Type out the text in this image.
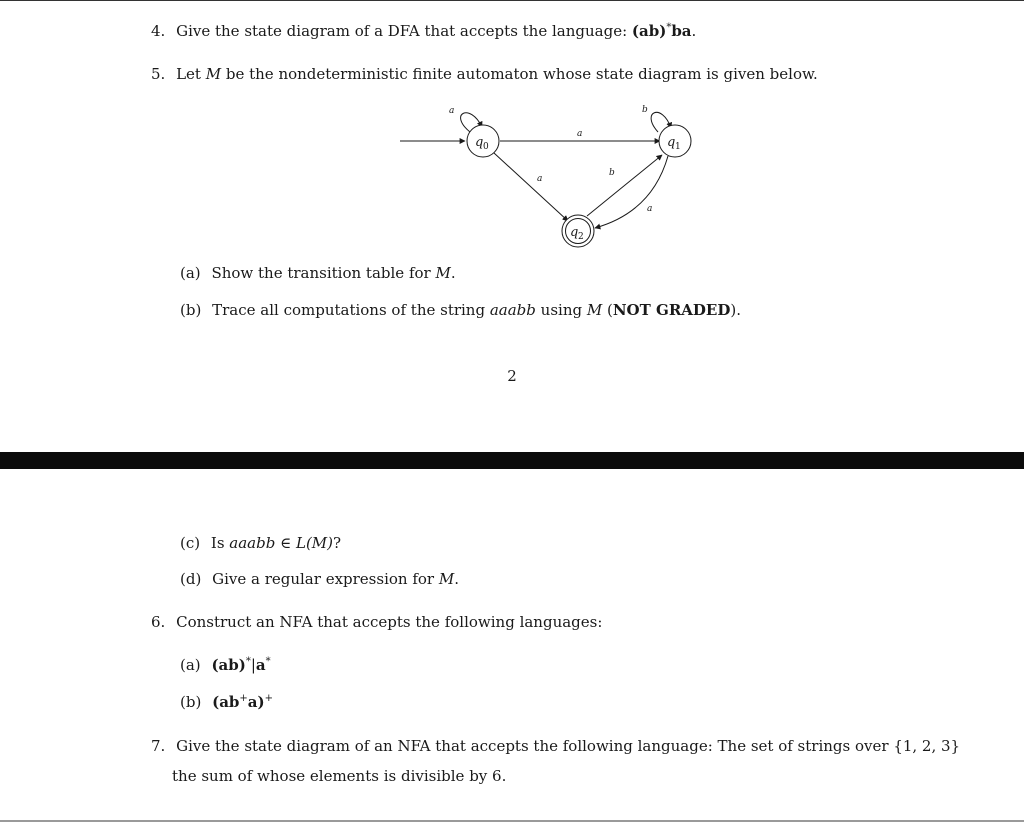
4. Give the state diagram of a DFA that accepts the language: (ab)*ba.
5. Let M be the nondeterministic finite automaton whose state diagram is given below.
q 0	q 1
q 2
a	b
a
a
b
a
(a) Show the transition table for M.
(b) Trace all computations of the string aaabb using M (NOT GRADED).
2
(c) Is aaabb ∈ L(M)?
(d) Give a regular expression for M.
6. Construct an NFA that accepts the following languages:
(a) (ab)*|a*
(b) (ab+a)+
7. Give the state diagram of an NFA that accepts the following language: The set of strings over {1, 2, 3}
the sum of whose elements is divisible by 6.
